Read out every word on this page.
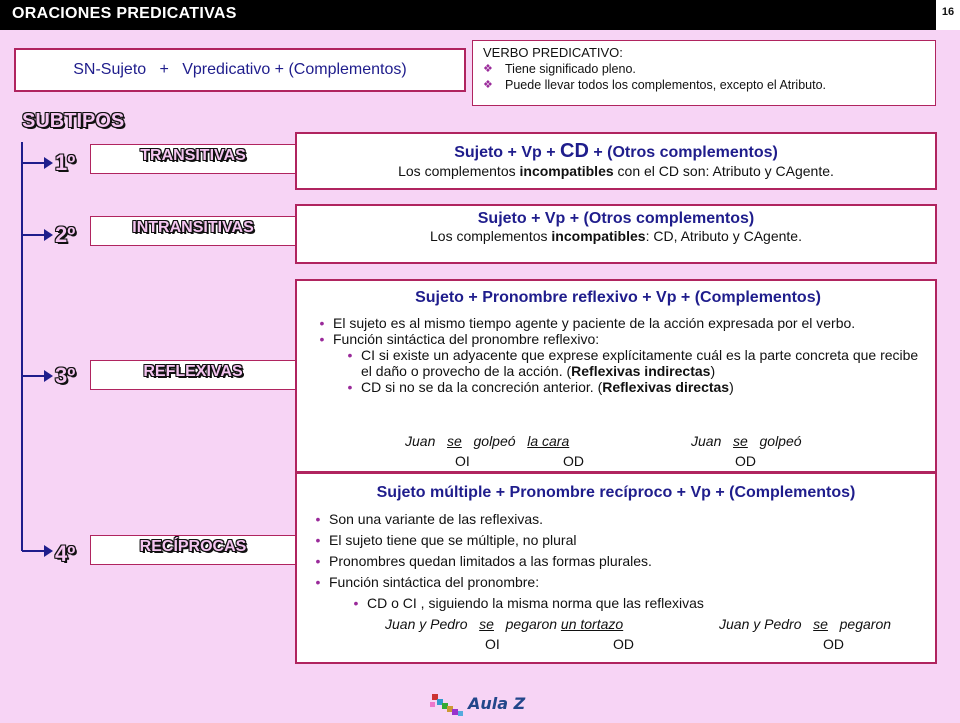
ORACIONES PREDICATIVAS	16
SN-Sujeto   +   Vpredicativo + (Complementos)
VERBO PREDICATIVO:
❖ Tiene significado pleno.
❖ Puede llevar todos los complementos, excepto el Atributo.
SUBTIPOS
1º
2º
3º
4º
TRANSITIVAS
INTRANSITIVAS
REFLEXIVAS
RECÍPROCAS
Sujeto + Vp + CD + (Otros complementos)
Los complementos incompatibles con el CD son: Atributo y CAgente.
Sujeto + Vp + (Otros complementos)
Los complementos incompatibles: CD, Atributo y CAgente.
Sujeto + Pronombre reflexivo + Vp + (Complementos)
• El sujeto es al mismo tiempo agente y paciente de la acción expresada por el verbo.
• Función sintáctica del pronombre reflexivo:
• CI si existe un adyacente que exprese explícitamente cuál es la parte concreta que recibe el daño o provecho de la acción. (Reflexivas indirectas)
• CD si no se da la concreción anterior. (Reflexivas directas)
Juan se golpeó la cara
OI	OD
Juan se golpeó
OD
Sujeto múltiple + Pronombre recíproco + Vp + (Complementos)
• Son una variante de las reflexivas.
• El sujeto tiene que se múltiple, no plural
• Pronombres quedan limitados a las formas plurales.
• Función sintáctica del pronombre:
• CD o CI , siguiendo la misma norma que las reflexivas
Juan y Pedro se pegaron un tortazo
OI	OD
Juan y Pedro se pegaron
OD
Aula Z
